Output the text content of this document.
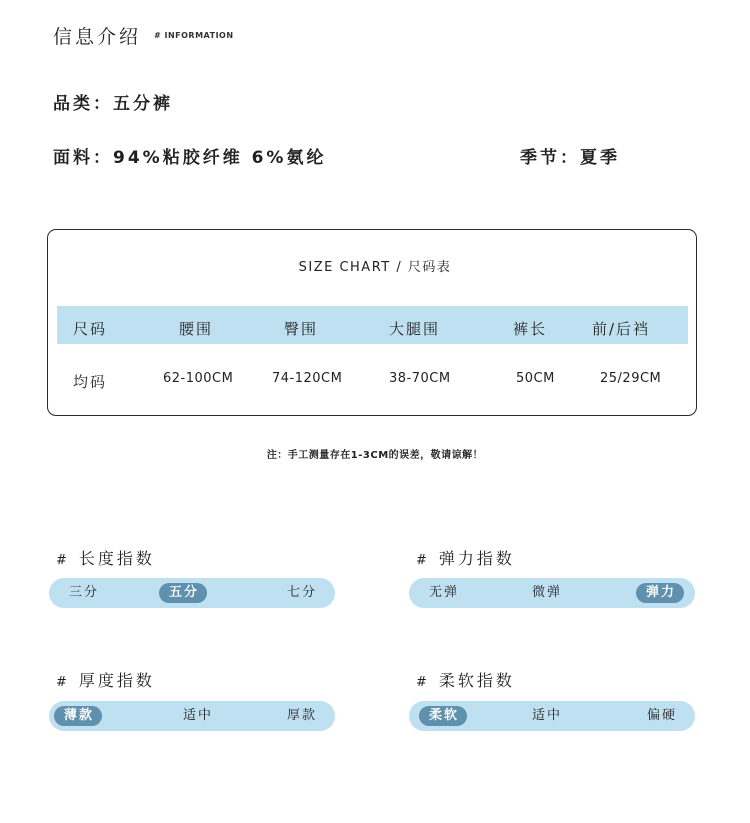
信息介绍 # INFORMATION
品类：五分裤
面料：94%粘胶纤维 6%氨纶	季节：夏季
SIZE CHART / 尺码表
尺码	腰围	臀围	大腿围	裤长	前/后裆
均码	62-100CM	74-120CM	38-70CM	50CM	25/29CM
注：手工测量存在1-3CM的误差，敬请谅解！
# 长度指数
三分	五分	七分
# 弹力指数
无弹	微弹	弹力
# 厚度指数
薄款	适中	厚款
# 柔软指数
柔软	适中	偏硬
